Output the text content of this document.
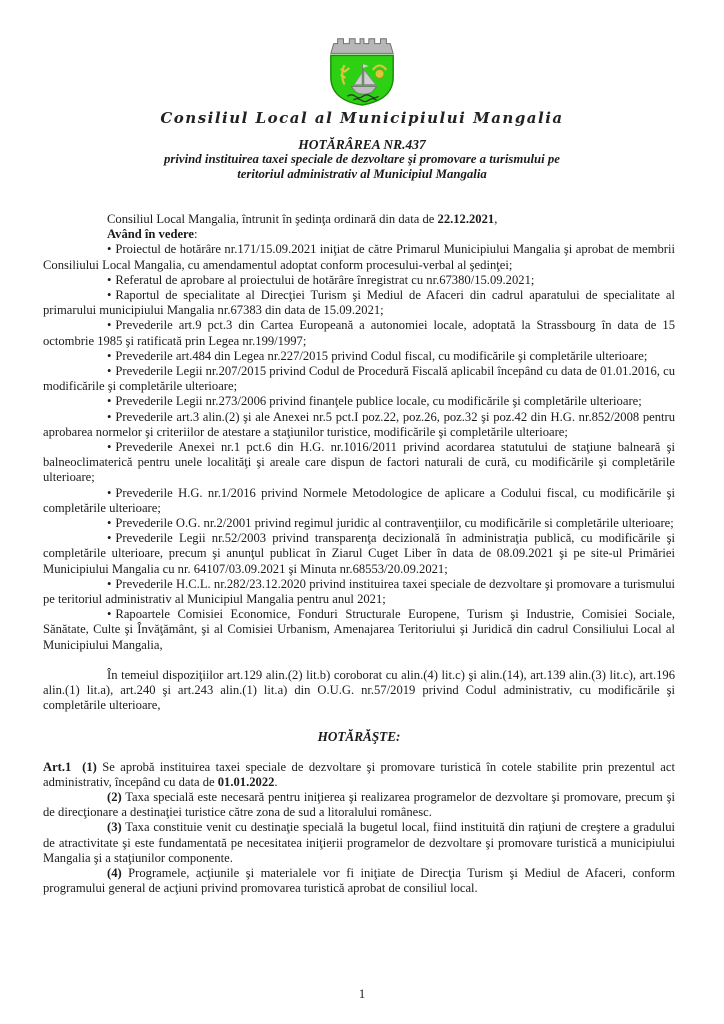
Consiliul Local al Municipiului Mangalia
HOTĂRÂREA NR.437
privind instituirea taxei speciale de dezvoltare şi promovare a turismului pe
teritoriul administrativ al Municipiul Mangalia

Consiliul Local Mangalia, întrunit în şedinţa ordinară din data de 22.12.2021,

Având în vedere:

• Proiectul de hotărâre nr.171/15.09.2021 iniţiat de către Primarul Municipiului Mangalia şi aprobat de membrii Consiliului Local Mangalia, cu amendamentul adoptat conform procesului-verbal al şedinţei;

• Referatul de aprobare al proiectului de hotărâre înregistrat cu nr.67380/15.09.2021;

• Raportul de specialitate al Direcţiei Turism şi Mediul de Afaceri din cadrul aparatului de specialitate al primarului municipiului Mangalia nr.67383 din data de 15.09.2021;

• Prevederile art.9 pct.3 din Cartea Europeană a autonomiei locale, adoptată la Strassbourg în data de 15 octombrie 1985 şi ratificată prin Legea nr.199/1997;

• Prevederile art.484 din Legea nr.227/2015 privind Codul fiscal, cu modificările şi completările ulterioare;

• Prevederile Legii nr.207/2015 privind Codul de Procedură Fiscală aplicabil începând cu data de 01.01.2016, cu modificările şi completările ulterioare;

• Prevederile Legii nr.273/2006 privind finanţele publice locale, cu modificările şi completările ulterioare;

• Prevederile art.3 alin.(2) şi ale Anexei nr.5 pct.I poz.22, poz.26, poz.32 şi poz.42 din H.G. nr.852/2008 pentru aprobarea normelor şi criteriilor de atestare a staţiunilor turistice, modificările şi completările ulterioare;

• Prevederile Anexei nr.1 pct.6 din H.G. nr.1016/2011 privind acordarea statutului de staţiune balneară şi balneoclimaterică pentru unele localităţi şi areale care dispun de factori naturali de cură, cu modificările şi completările ulterioare;

• Prevederile H.G. nr.1/2016 privind Normele Metodologice de aplicare a Codului fiscal, cu modificările şi completările ulterioare;

• Prevederile O.G. nr.2/2001 privind regimul juridic al contravenţiilor, cu modificările si completările ulterioare;

• Prevederile Legii nr.52/2003 privind transparenţa decizională în administraţia publică, cu modificările şi completările ulterioare, precum şi anunţul publicat în Ziarul Cuget Liber în data de 08.09.2021 şi pe site-ul Primăriei Municipiului Mangalia cu nr. 64107/03.09.2021 şi Minuta nr.68553/20.09.2021;

• Prevederile H.C.L. nr.282/23.12.2020 privind instituirea taxei speciale de dezvoltare şi promovare a turismului pe teritoriul administrativ al Municipiul Mangalia pentru anul 2021;

• Rapoartele Comisiei Economice, Fonduri Structurale Europene, Turism şi Industrie, Comisiei Sociale, Sănătate, Culte şi Învăţământ, şi al Comisiei Urbanism, Amenajarea Teritoriului şi Juridică din cadrul Consiliului Local al Municipiului Mangalia,

În temeiul dispoziţiilor art.129 alin.(2) lit.b) coroborat cu alin.(4) lit.c) şi alin.(14), art.139 alin.(3) lit.c), art.196 alin.(1) lit.a), art.240 şi art.243 alin.(1) lit.a) din O.U.G. nr.57/2019 privind Codul administrativ, cu modificările şi completările ulterioare,

HOTĂRĂŞTE:

Art.1  (1) Se aprobă instituirea taxei speciale de dezvoltare şi promovare turistică în cotele stabilite prin prezentul act administrativ, începând cu data de 01.01.2022.

(2) Taxa specială este necesară pentru iniţierea şi realizarea programelor de dezvoltare şi promovare, precum şi de direcţionare a destinaţiei turistice către zona de sud a litoralului românesc.

(3) Taxa constituie venit cu destinaţie specială la bugetul local, fiind instituită din raţiuni de creştere a gradului de atractivitate şi este fundamentată pe necesitatea iniţierii programelor de dezvoltare şi promovare turistică a municipiului Mangalia şi a staţiunilor componente.

(4) Programele, acţiunile şi materialele vor fi iniţiate de Direcţia Turism şi Mediul de Afaceri, conform programului general de acţiuni privind promovarea turistică aprobat de consiliul local.

1
